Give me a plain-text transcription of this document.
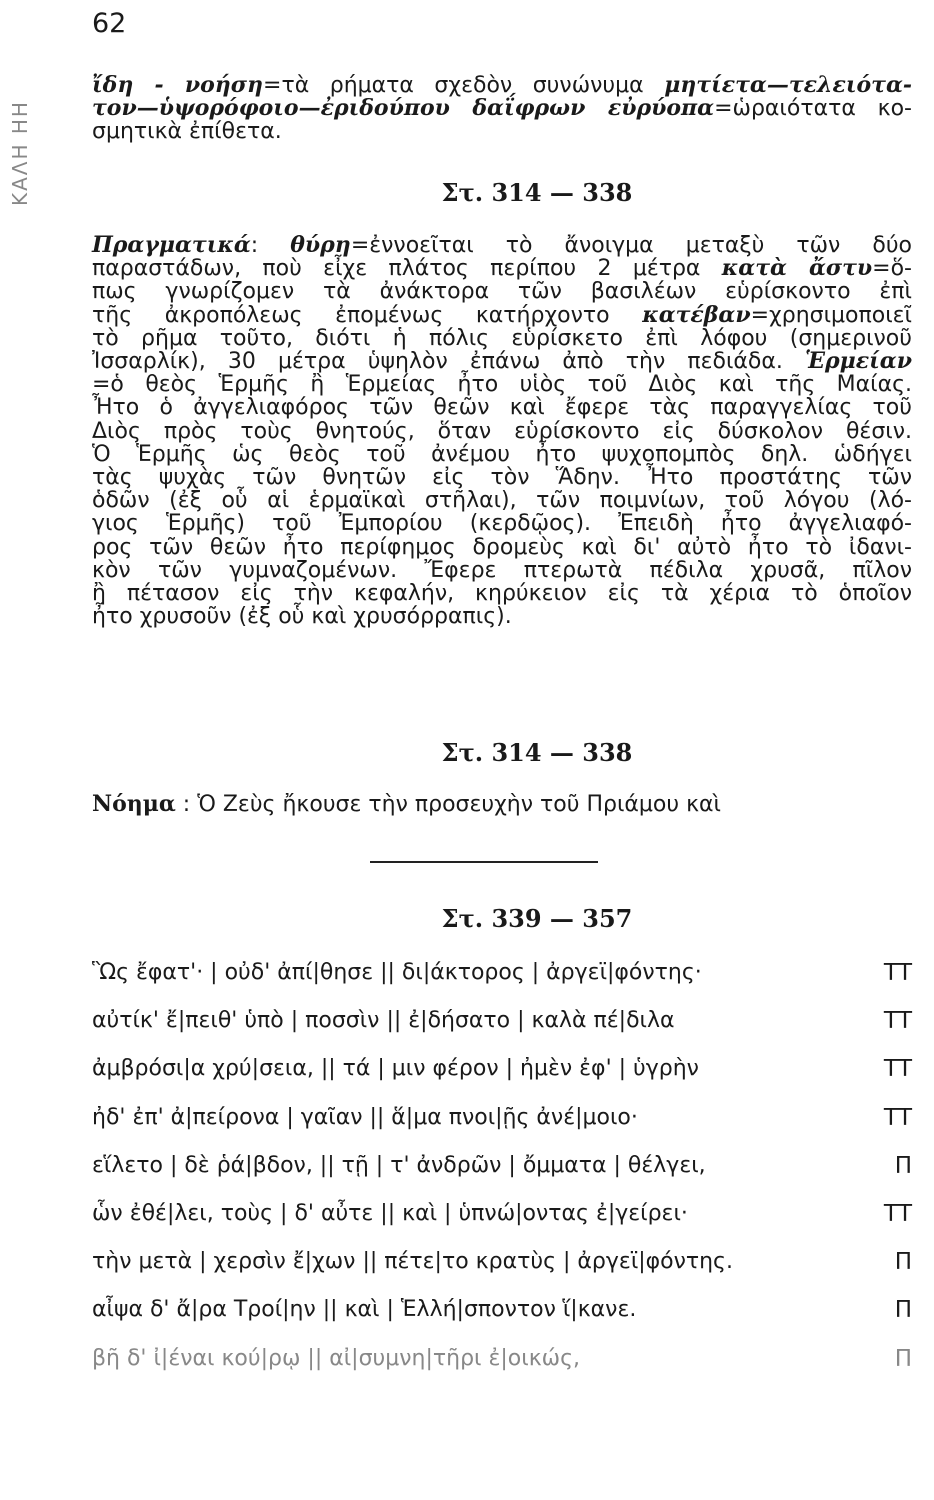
62
ΚΑΛΗ ΗΗ
ἴδη - νοήση=τὰ ρήματα σχεδὸν συνώνυμα μητίετα—τελειότα-
τον—ὑψορόφοιο—ἐριδούπου δαΐφρων εὐρύοπα=ὡραιότατα κο-
σμητικὰ ἐπίθετα.
Στ. 314 — 338
Πραγματικά: θύρη=ἐννοεῖται τὸ ἄνοιγμα μεταξὺ τῶν δύο
παραστάδων, ποὺ εἶχε πλάτος περίπου 2 μέτρα κατὰ ἄστυ=ὅ-
πως γνωρίζομεν τὰ ἀνάκτορα τῶν βασιλέων εὑρίσκοντο ἐπὶ
τῆς ἀκροπόλεως ἐπομένως κατήρχοντο κατέβαν=χρησιμοποιεῖ
τὸ ρῆμα τοῦτο, διότι ἡ πόλις εὑρίσκετο ἐπὶ λόφου (σημερινοῦ
Ἰσσαρλίκ), 30 μέτρα ὑψηλὸν ἐπάνω ἀπὸ τὴν πεδιάδα. Ἑρμείαν
=ὁ θεὸς Ἑρμῆς ἢ Ἑρμείας ἦτο υἱὸς τοῦ Διὸς καὶ τῆς Μαίας.
Ἦτο ὁ ἀγγελιαφόρος τῶν θεῶν καὶ ἔφερε τὰς παραγγελίας τοῦ
Διὸς πρὸς τοὺς θνητούς, ὅταν εὑρίσκοντο εἰς δύσκολον θέσιν.
Ὁ Ἑρμῆς ὡς θεὸς τοῦ ἀνέμου ἦτο ψυχοπομπὸς δηλ. ὡδήγει
τὰς ψυχὰς τῶν θνητῶν εἰς τὸν Ἅδην. Ἦτο προστάτης τῶν
ὁδῶν (ἐξ οὗ αἱ ἑρμαϊκαὶ στῆλαι), τῶν ποιμνίων, τοῦ λόγου (λό-
γιος Ἑρμῆς) τοῦ Ἐμπορίου (κερδῷος). Ἐπειδὴ ἦτο ἀγγελιαφό-
ρος τῶν θεῶν ἦτο περίφημος δρομεὺς καὶ δι' αὐτὸ ἦτο τὸ ἰδανι-
κὸν τῶν γυμναζομένων. Ἔφερε πτερωτὰ πέδιλα χρυσᾶ, πῖλον
ἢ πέτασον εἰς τὴν κεφαλήν, κηρύκειον εἰς τὰ χέρια τὸ ὁποῖον
ἦτο χρυσοῦν (ἐξ οὗ καὶ χρυσόρραπις).
Στ. 314 — 338
Νόημα : Ὁ Ζεὺς ἤκουσε τὴν προσευχὴν τοῦ Πριάμου καὶ
Στ. 339 — 357
Ὣς ἔφατ'· | οὐδ' ἀπί|θησε || δι|άκτορος | ἀργεϊ|φόντης·	ΤΤ
αὐτίκ' ἔ|πειθ' ὑπὸ | ποσσὶν || ἐ|δήσατο | καλὰ πέ|διλα	ΤΤ
ἀμβρόσι|α χρύ|σεια, || τά | μιν φέρον | ἠμὲν ἐφ' | ὑγρὴν	ΤΤ
ἠδ' ἐπ' ἀ|πείρονα | γαῖαν || ἅ|μα πνοι|ῇς ἀνέ|μοιο·	ΤΤ
εἵλετο | δὲ ῥά|βδον, || τῇ | τ' ἀνδρῶν | ὄμματα | θέλγει,	Π
ὧν ἐθέ|λει, τοὺς | δ' αὖτε || καὶ | ὑπνώ|οντας ἐ|γείρει·	ΤΤ
τὴν μετὰ | χερσὶν ἔ|χων || πέτε|το κρατὺς | ἀργεϊ|φόντης.	Π
αἶψα δ' ἄ|ρα Τροί|ην || καὶ | Ἑλλή|σποντον ἵ|κανε.	Π
βῆ δ' ἰ|έναι κού|ρῳ || αἰ|συμνη|τῆρι ἐ|οικώς,	Π
